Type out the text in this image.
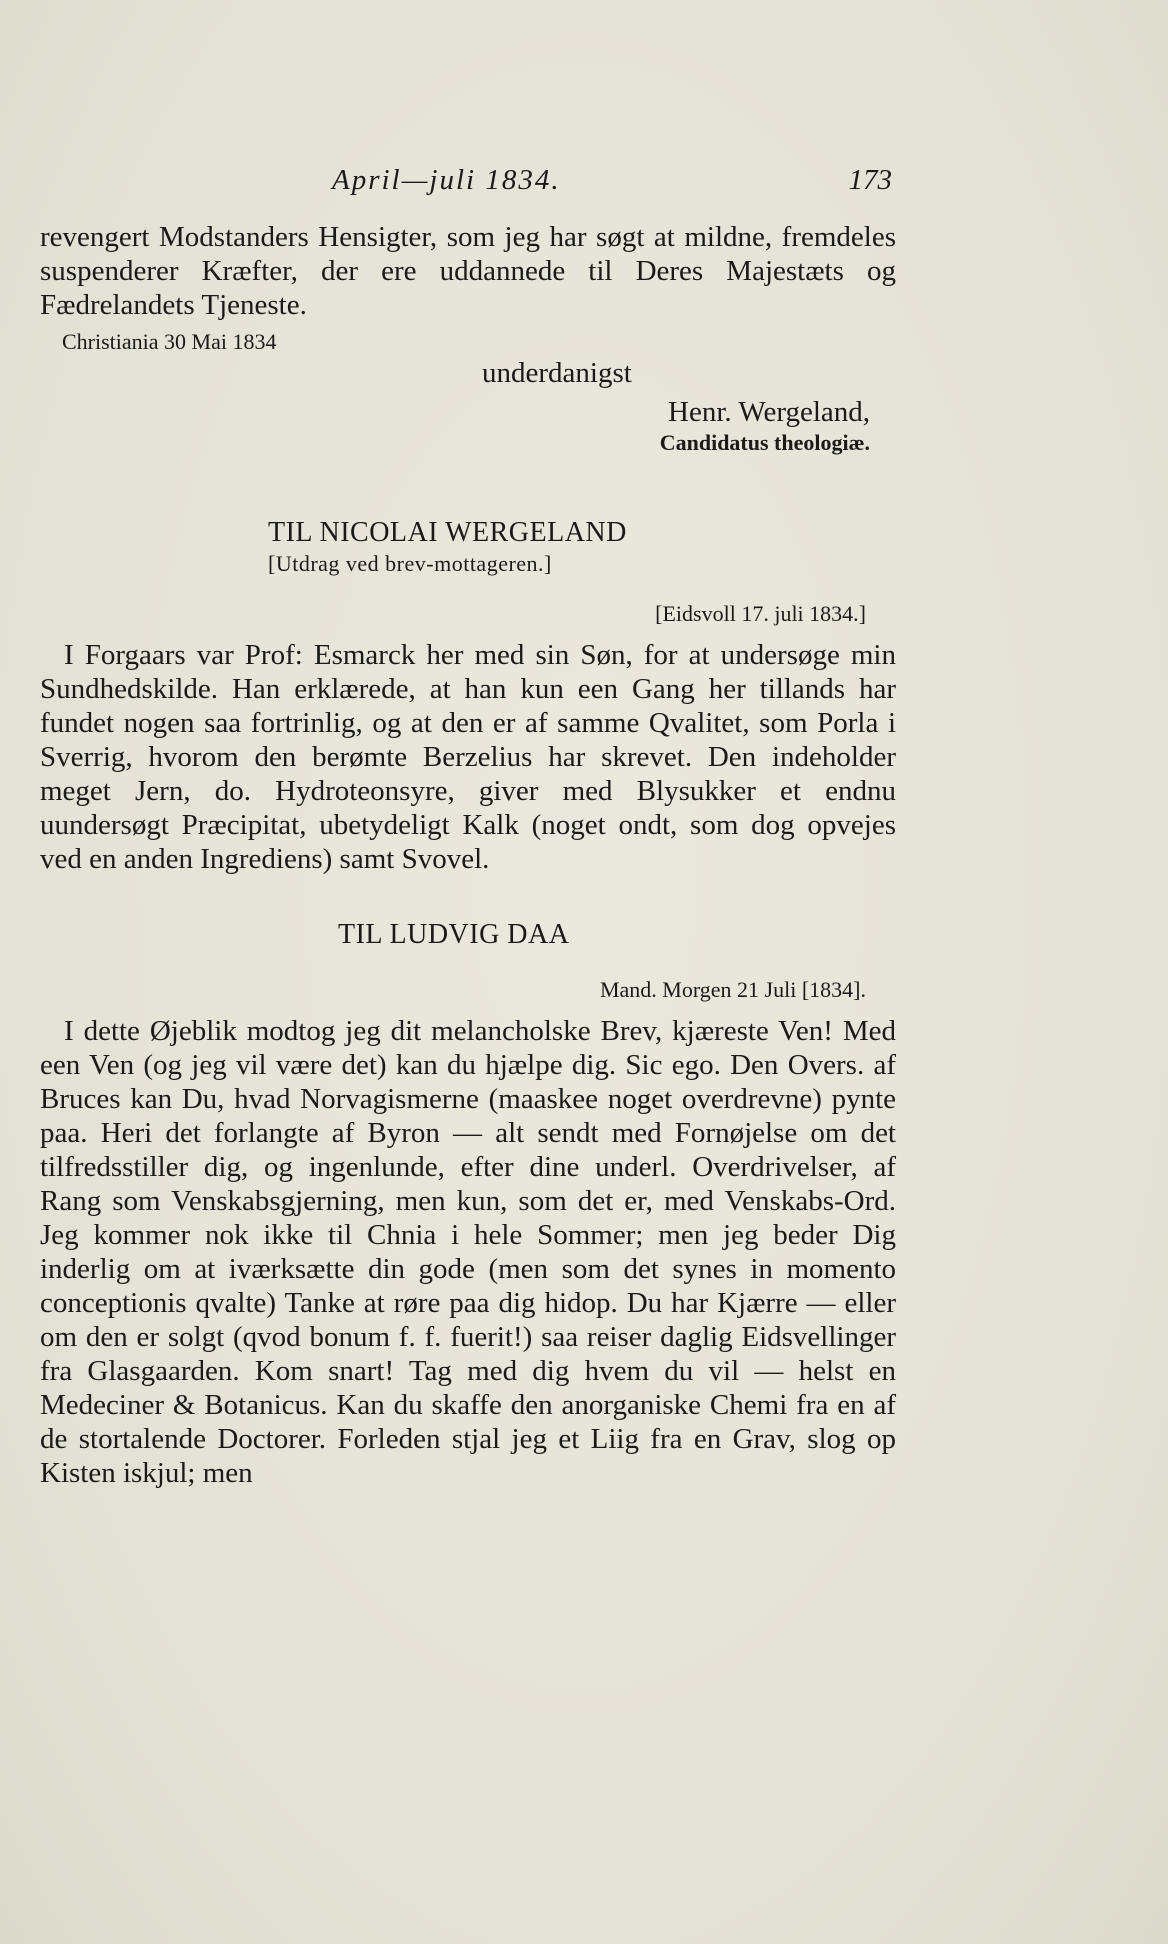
April—juli 1834.	173

revengert Modstanders Hensigter, som jeg har søgt at mildne, fremdeles suspenderer Kræfter, der ere uddannede til Deres Majestæts og Fædrelandets Tjeneste.

Christiania 30 Mai 1834
underdanigst
Henr. Wergeland,
Candidatus theologiæ.
TIL NICOLAI WERGELAND
[Utdrag ved brev-mottageren.]
[Eidsvoll 17. juli 1834.]

I Forgaars var Prof: Esmarck her med sin Søn, for at undersøge min Sundhedskilde. Han erklærede, at han kun een Gang her tillands har fundet nogen saa fortrinlig, og at den er af samme Qvalitet, som Porla i Sverrig, hvorom den berømte Berzelius har skrevet. Den indeholder meget Jern, do. Hydroteonsyre, giver med Blysukker et endnu uundersøgt Præcipitat, ubetydeligt Kalk (noget ondt, som dog opvejes ved en anden Ingrediens) samt Svovel.

TIL LUDVIG DAA
Mand. Morgen 21 Juli [1834].

I dette Øjeblik modtog jeg dit melancholske Brev, kjæreste Ven! Med een Ven (og jeg vil være det) kan du hjælpe dig. Sic ego. Den Overs. af Bruces kan Du, hvad Norvagismerne (maaskee noget overdrevne) pynte paa. Heri det forlangte af Byron — alt sendt med Fornøjelse om det tilfredsstiller dig, og ingenlunde, efter dine underl. Overdrivelser, af Rang som Venskabsgjerning, men kun, som det er, med Venskabs-Ord. Jeg kommer nok ikke til Chnia i hele Sommer; men jeg beder Dig inderlig om at iværksætte din gode (men som det synes in momento conceptionis qvalte) Tanke at røre paa dig hidop. Du har Kjærre — eller om den er solgt (qvod bonum f. f. fuerit!) saa reiser daglig Eidsvellinger fra Glasgaarden. Kom snart! Tag med dig hvem du vil — helst en Medeciner & Botanicus. Kan du skaffe den anorganiske Chemi fra en af de stortalende Doctorer. Forleden stjal jeg et Liig fra en Grav, slog op Kisten iskjul; men
